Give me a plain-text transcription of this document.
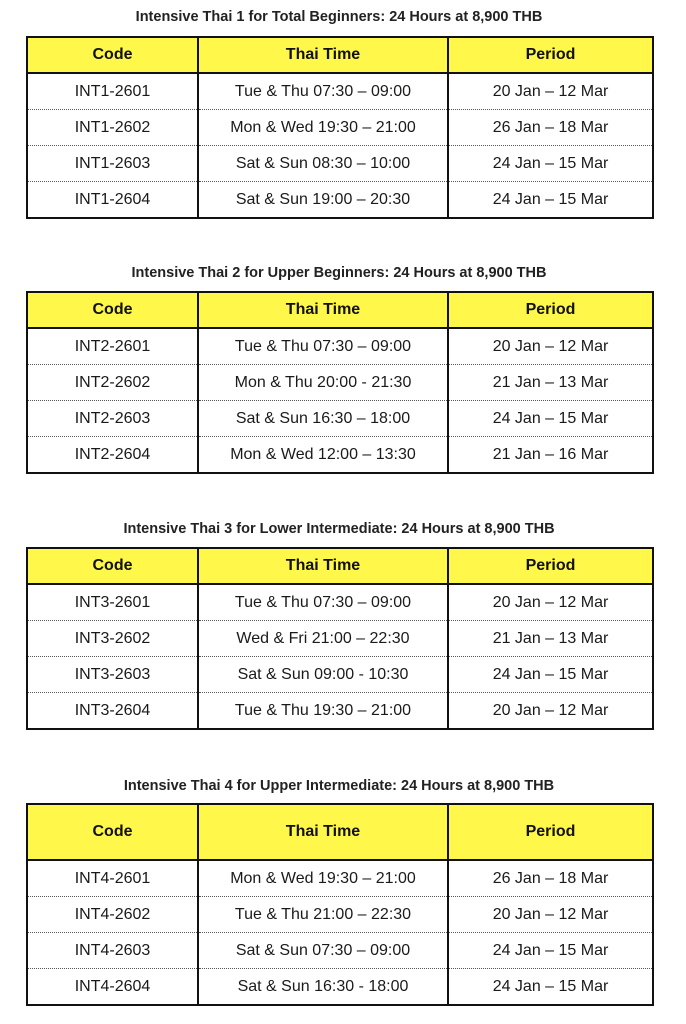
Intensive Thai 1 for Total Beginners: 24 Hours at 8,900 THB
Code	Thai Time	Period
INT1-2601	Tue & Thu 07:30 – 09:00	20 Jan – 12 Mar
INT1-2602	Mon & Wed 19:30 – 21:00	26 Jan – 18 Mar
INT1-2603	Sat & Sun 08:30 – 10:00	24 Jan – 15 Mar
INT1-2604	Sat & Sun 19:00 – 20:30	24 Jan – 15 Mar
Intensive Thai 2 for Upper Beginners: 24 Hours at 8,900 THB
Code	Thai Time	Period
INT2-2601	Tue & Thu 07:30 – 09:00	20 Jan – 12 Mar
INT2-2602	Mon & Thu 20:00 - 21:30	21 Jan – 13 Mar
INT2-2603	Sat & Sun 16:30 – 18:00	24 Jan – 15 Mar
INT2-2604	Mon & Wed 12:00 – 13:30	21 Jan – 16 Mar
Intensive Thai 3 for Lower Intermediate: 24 Hours at 8,900 THB
Code	Thai Time	Period
INT3-2601	Tue & Thu 07:30 – 09:00	20 Jan – 12 Mar
INT3-2602	Wed & Fri 21:00 – 22:30	21 Jan – 13 Mar
INT3-2603	Sat & Sun 09:00 - 10:30	24 Jan – 15 Mar
INT3-2604	Tue & Thu 19:30 – 21:00	20 Jan – 12 Mar
Intensive Thai 4 for Upper Intermediate: 24 Hours at 8,900 THB
Code	Thai Time	Period
INT4-2601	Mon & Wed 19:30 – 21:00	26 Jan – 18 Mar
INT4-2602	Tue & Thu 21:00 – 22:30	20 Jan – 12 Mar
INT4-2603	Sat & Sun 07:30 – 09:00	24 Jan – 15 Mar
INT4-2604	Sat & Sun 16:30 - 18:00	24 Jan – 15 Mar
